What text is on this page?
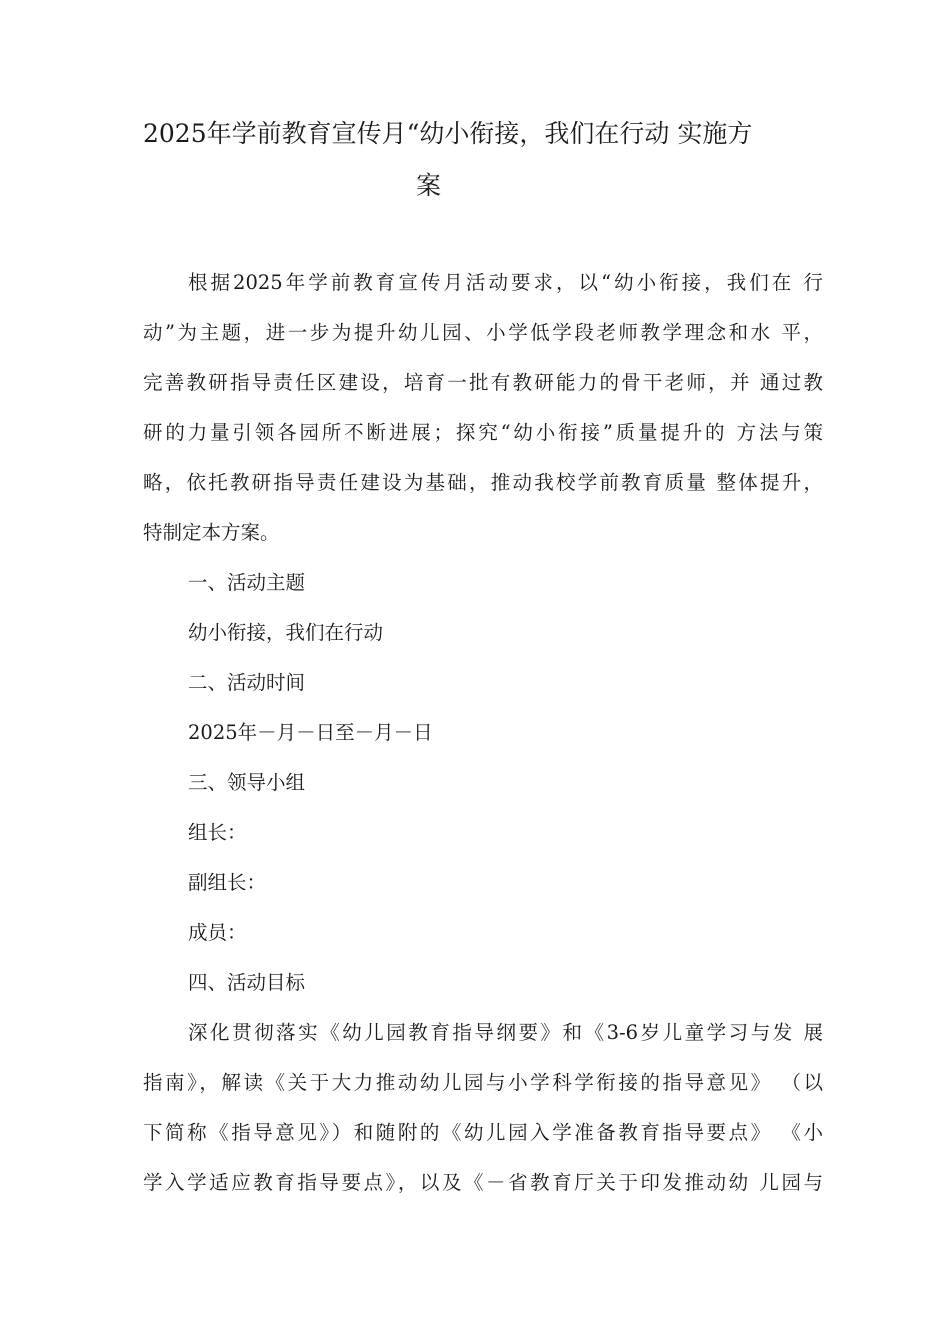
2025年学前教育宣传月“幼小衔接，我们在行动 实施方
案
根据2025年学前教育宣传月活动要求，以“幼小衔接，我们在 行
动”为主题，进一步为提升幼儿园、小学低学段老师教学理念和水 平，
完善教研指导责任区建设，培育一批有教研能力的骨干老师，并 通过教
研的力量引领各园所不断进展；探究“幼小衔接”质量提升的 方法与策
略，依托教研指导责任建设为基础，推动我校学前教育质量 整体提升，
特制定本方案。
一、活动主题
幼小衔接，我们在行动
二、活动时间
2025年－月－日至－月－日
三、领导小组
组长：
副组长：
成员：
四、活动目标
深化贯彻落实《幼儿园教育指导纲要》和《3-6岁儿童学习与发 展
指南》，解读《关于大力推动幼儿园与小学科学衔接的指导意见》 （以
下简称《指导意见》）和随附的《幼儿园入学准备教育指导要点》 《小
学入学适应教育指导要点》，以及《－省教育厅关于印发推动幼 儿园与
